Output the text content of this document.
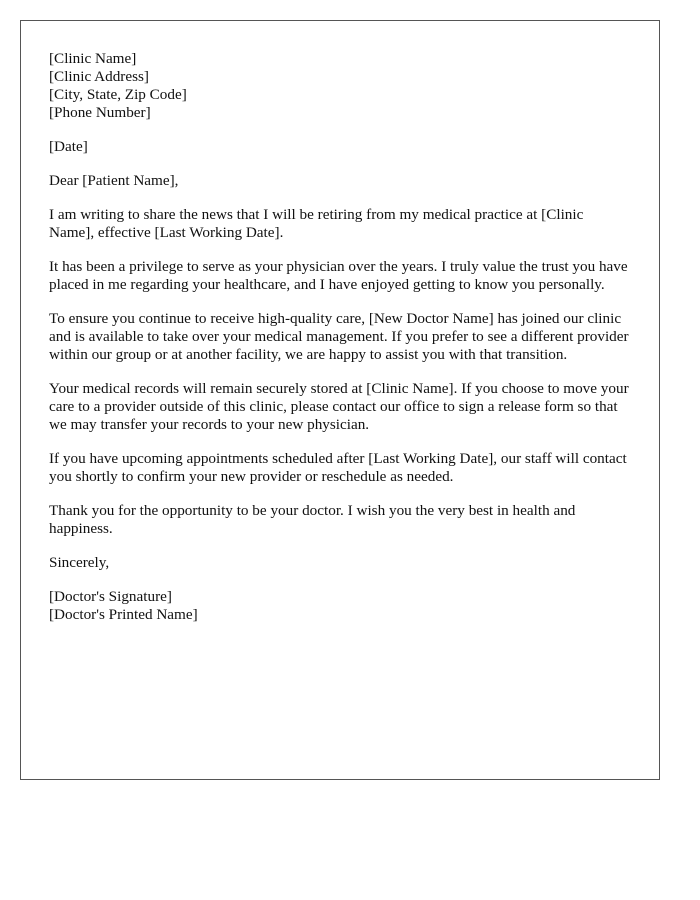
[Clinic Name]
[Clinic Address]
[City, State, Zip Code]
[Phone Number]

[Date]

Dear [Patient Name],

I am writing to share the news that I will be retiring from my medical practice at [Clinic Name], effective [Last Working Date].

It has been a privilege to serve as your physician over the years. I truly value the trust you have placed in me regarding your healthcare, and I have enjoyed getting to know you personally.

To ensure you continue to receive high-quality care, [New Doctor Name] has joined our clinic and is available to take over your medical management. If you prefer to see a different provider within our group or at another facility, we are happy to assist you with that transition.

Your medical records will remain securely stored at [Clinic Name]. If you choose to move your care to a provider outside of this clinic, please contact our office to sign a release form so that we may transfer your records to your new physician.

If you have upcoming appointments scheduled after [Last Working Date], our staff will contact you shortly to confirm your new provider or reschedule as needed.

Thank you for the opportunity to be your doctor. I wish you the very best in health and happiness.

Sincerely,

[Doctor's Signature]
[Doctor's Printed Name]
